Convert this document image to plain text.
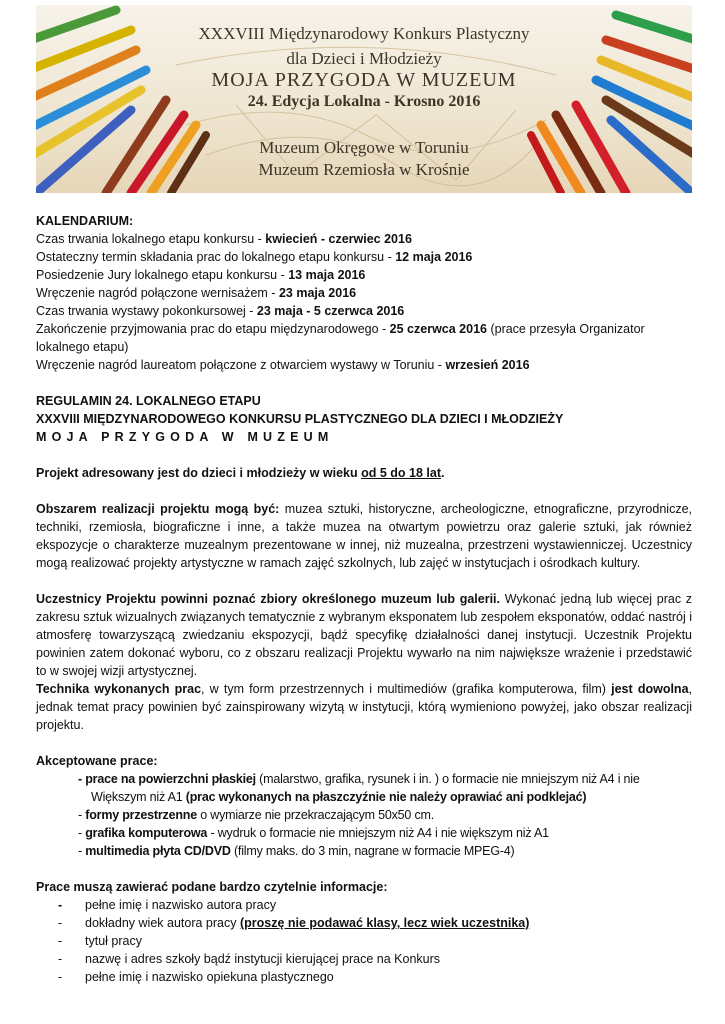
XXXVIII Międzynarodowy Konkurs Plastyczny
dla Dzieci i Młodzieży
MOJA PRZYGODA W MUZEUM
24. Edycja Lokalna - Krosno 2016
Muzeum Okręgowe w Toruniu
Muzeum Rzemiosła w Krośnie

KALENDARIUM:

Czas trwania lokalnego etapu konkursu - kwiecień - czerwiec 2016

Ostateczny termin składania prac do lokalnego etapu konkursu - 12 maja 2016

Posiedzenie Jury lokalnego etapu konkursu - 13 maja 2016

Wręczenie nagród połączone wernisażem - 23 maja 2016

Czas trwania wystawy pokonkursowej - 23 maja - 5 czerwca 2016

Zakończenie przyjmowania prac do etapu międzynarodowego - 25 czerwca 2016 (prace przesyła Organizator lokalnego etapu)

Wręczenie nagród laureatom połączone z otwarciem wystawy w Toruniu - wrzesień 2016

REGULAMIN 24. LOKALNEGO ETAPU

XXXVIII MIĘDZYNARODOWEGO KONKURSU PLASTYCZNEGO DLA DZIECI I MŁODZIEŻY

MOJA PRZYGODA W MUZEUM

Projekt adresowany jest do dzieci i młodzieży w wieku od 5 do 18 lat.

Obszarem realizacji projektu mogą być: muzea sztuki, historyczne, archeologiczne, etnograficzne, przyrodnicze, techniki, rzemiosła, biograficzne i inne, a także muzea na otwartym powietrzu oraz galerie sztuki, jak również ekspozycje o charakterze muzealnym prezentowane w innej, niż muzealna, przestrzeni wystawienniczej. Uczestnicy mogą realizować projekty artystyczne w ramach zajęć szkolnych, lub zajęć w instytucjach i ośrodkach kultury.

Uczestnicy Projektu powinni poznać zbiory określonego muzeum lub galerii. Wykonać jedną lub więcej prac z zakresu sztuk wizualnych związanych tematycznie z wybranym eksponatem lub zespołem eksponatów, oddać nastrój i atmosferę towarzyszącą zwiedzaniu ekspozycji, bądź specyfikę działalności danej instytucji. Uczestnik Projektu powinien zatem dokonać wyboru, co z obszaru realizacji Projektu wywarło na nim największe wrażenie i przedstawić to w swojej wizji artystycznej.

Technika wykonanych prac, w tym form przestrzennych i multimediów (grafika komputerowa, film) jest dowolna, jednak temat pracy powinien być zainspirowany wizytą w instytucji, którą wymieniono powyżej, jako obszar realizacji projektu.

Akceptowane prace:

- prace na powierzchni płaskiej (malarstwo, grafika, rysunek i in. ) o formacie nie mniejszym niż A4 i nie

Większym niż A1 (prac wykonanych na płaszczyźnie nie należy oprawiać ani podklejać)

- formy przestrzenne o wymiarze nie przekraczającym 50x50 cm.

- grafika komputerowa - wydruk o formacie nie mniejszym niż A4 i nie większym niż A1

- multimedia płyta CD/DVD (filmy maks. do 3 min, nagrane w formacie MPEG-4)

Prace muszą zawierać podane bardzo czytelnie informacje:

-	pełne imię i nazwisko autora pracy
-	dokładny wiek autora pracy (proszę nie podawać klasy, lecz wiek uczestnika)
-	tytuł pracy
-	nazwę i adres szkoły bądź instytucji kierującej prace na Konkurs
-	pełne imię i nazwisko opiekuna plastycznego
